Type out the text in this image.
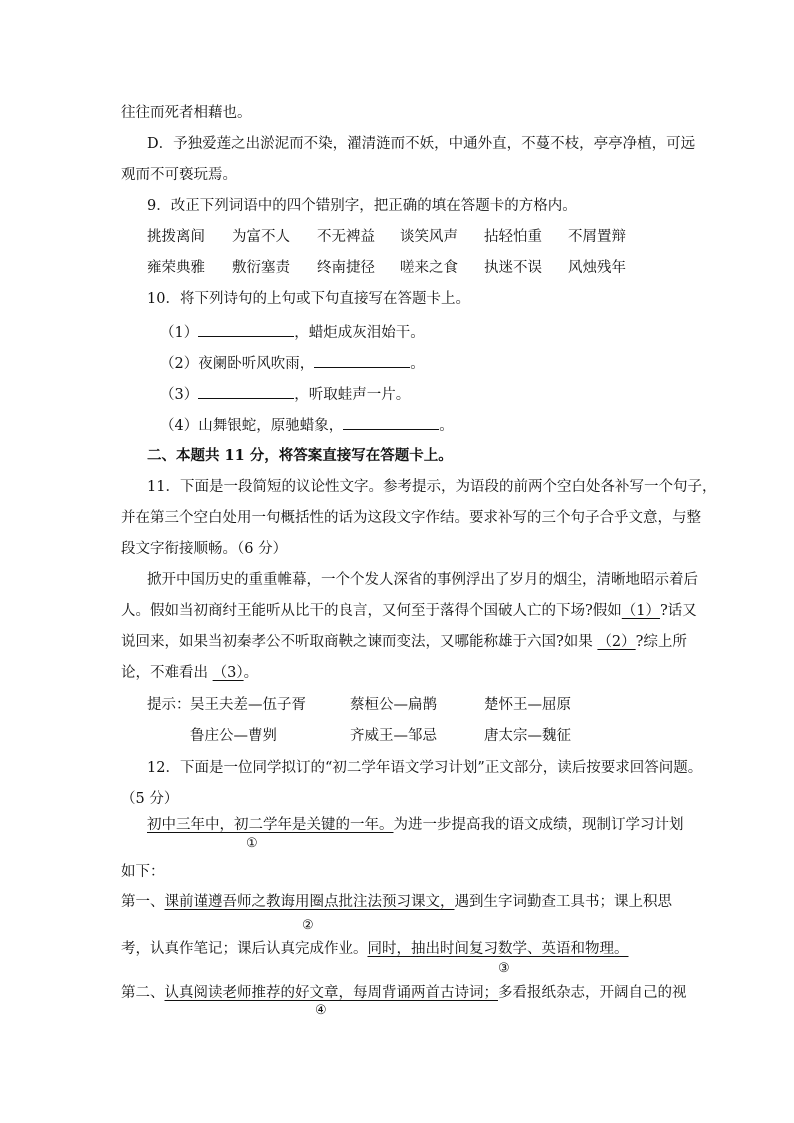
往往而死者相藉也。
D．予独爱莲之出淤泥而不染，濯清涟而不妖，中通外直，不蔓不枝，亭亭净植，可远
观而不可亵玩焉。
9．改正下列词语中的四个错别字，把正确的填在答题卡的方格内。
挑拨离间 为富不人 不无裨益 谈笑风声 拈轻怕重 不屑置辩
雍荣典雅 敷衍塞责 终南捷径 嗟来之食 执迷不误 风烛残年
10．将下列诗句的上句或下句直接写在答题卡上。
（1）	，蜡炬成灰泪始干。
（2）夜阑卧听风吹雨，	。
（3）	，听取蛙声一片。
（4）山舞银蛇，原驰蜡象，	。
二、本题共 11 分，将答案直接写在答题卡上。
11．下面是一段简短的议论性文字。参考提示，为语段的前两个空白处各补写一个句子，
并在第三个空白处用一句概括性的话为这段文字作结。要求补写的三个句子合乎文意，与整
段文字衔接顺畅。（6 分）
掀开中国历史的重重帷幕，一个个发人深省的事例浮出了岁月的烟尘，清晰地昭示着后
人。假如当初商纣王能听从比干的良言，又何至于落得个国破人亡的下场?假如（1）?话又
说回来，如果当初秦孝公不听取商鞅之谏而变法，又哪能称雄于六国?如果 （2）?综上所
论，不难看出 （3）。
提示： 吴王夫差—伍子胥	蔡桓公—扁鹊	楚怀王—屈原
鲁庄公—曹刿	齐威王—邹忌	唐太宗—魏征
12．下面是一位同学拟订的“初二学年语文学习计划”正文部分，读后按要求回答问题。
（5 分）
初中三年中，初二学年是关键的一年。为进一步提高我的语文成绩，现制订学习计划
①
如下：
第一、课前谨遵吾师之教诲用圈点批注法预习课文，遇到生字词勤查工具书；课上积思
②
考，认真作笔记；课后认真完成作业。同时，抽出时间复习数学、英语和物理。
③
第二、认真阅读老师推荐的好文章，每周背诵两首古诗词；多看报纸杂志，开阔自己的视
④
